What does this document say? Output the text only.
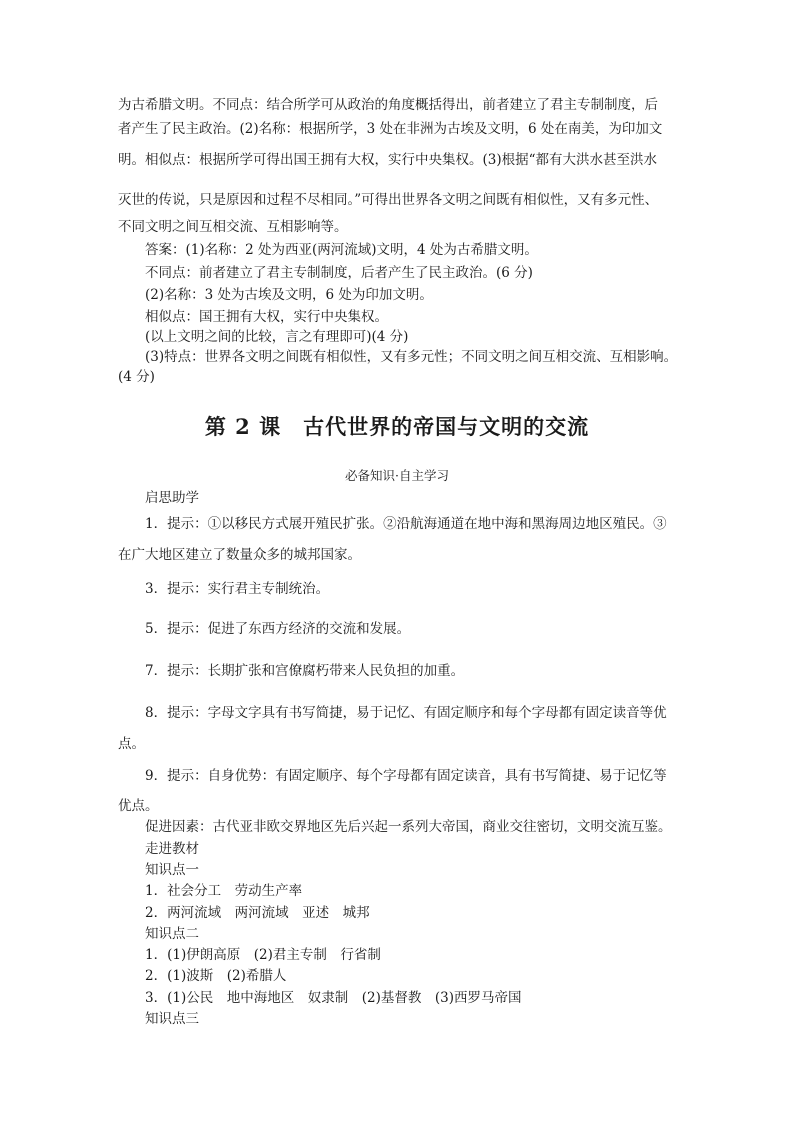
为古希腊文明。不同点：结合所学可从政治的角度概括得出，前者建立了君主专制制度，后
者产生了民主政治。(2)名称：根据所学，3 处在非洲为古埃及文明，6 处在南美，为印加文
明。相似点：根据所学可得出国王拥有大权，实行中央集权。(3)根据“都有大洪水甚至洪水
灭世的传说，只是原因和过程不尽相同。”可得出世界各文明之间既有相似性，又有多元性、
不同文明之间互相交流、互相影响等。
答案：(1)名称：2 处为西亚(两河流域)文明，4 处为古希腊文明。
不同点：前者建立了君主专制制度，后者产生了民主政治。(6 分)
(2)名称：3 处为古埃及文明，6 处为印加文明。
相似点：国王拥有大权，实行中央集权。
(以上文明之间的比较，言之有理即可)(4 分)
(3)特点：世界各文明之间既有相似性，又有多元性；不同文明之间互相交流、互相影响。
(4 分)
第 2 课　古代世界的帝国与文明的交流
必备知识·自主学习
启思助学
1．提示：①以移民方式展开殖民扩张。②沿航海通道在地中海和黑海周边地区殖民。③
在广大地区建立了数量众多的城邦国家。
3．提示：实行君主专制统治。
5．提示：促进了东西方经济的交流和发展。
7．提示：长期扩张和宫僚腐朽带来人民负担的加重。
8．提示：字母文字具有书写简捷，易于记忆、有固定顺序和每个字母都有固定读音等优
点。
9．提示：自身优势：有固定顺序、每个字母都有固定读音，具有书写简捷、易于记忆等
优点。
促进因素：古代亚非欧交界地区先后兴起一系列大帝国，商业交往密切，文明交流互鉴。
走进教材
知识点一
1．社会分工　劳动生产率
2．两河流域　两河流域　亚述　城邦
知识点二
1．(1)伊朗高原　(2)君主专制　行省制
2．(1)波斯　(2)希腊人
3．(1)公民　地中海地区　奴隶制　(2)基督教　(3)西罗马帝国
知识点三
